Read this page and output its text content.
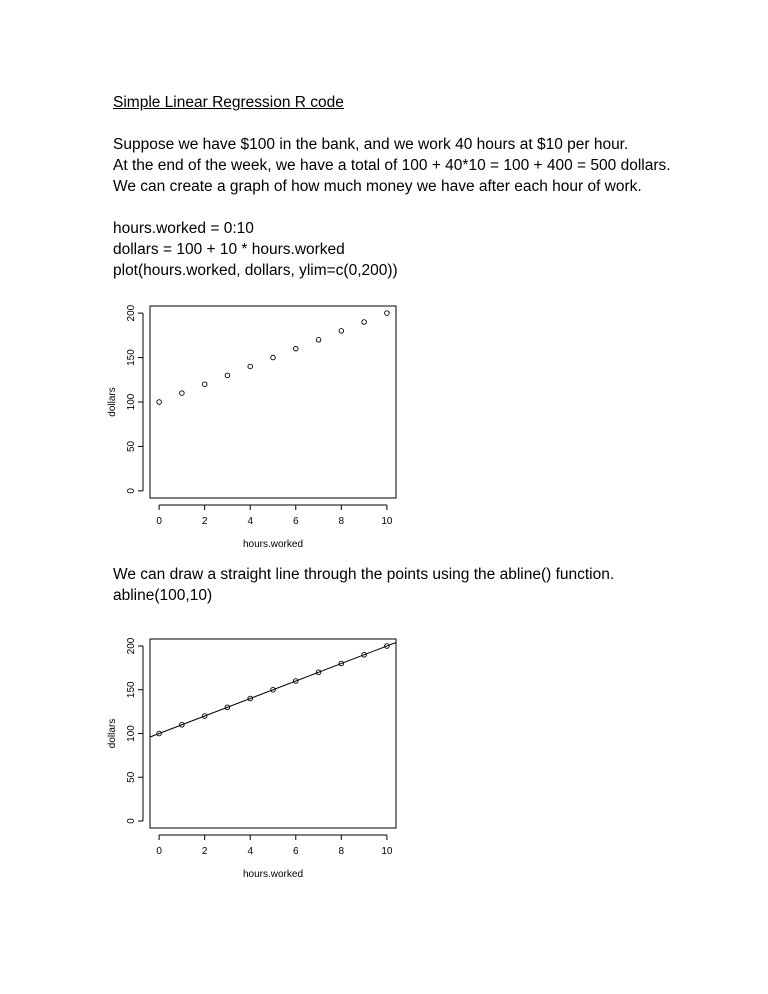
Simple Linear Regression R code

Suppose we have $100 in the bank, and we work 40 hours at $10 per hour.

At the end of the week, we have a total of 100 + 40*10 = 100 + 400 = 500 dollars.

We can create a graph of how much money we have after each hour of work.

hours.worked = 0:10

dollars = 100 + 10 * hours.worked

plot(hours.worked, dollars, ylim=c(0,200))

0	2	4	6	8	10
hours.worked
0
50
100
150
200
dollars

We can draw a straight line through the points using the abline() function.

abline(100,10)

0	2	4	6	8	10
hours.worked
0
50
100
150
200
dollars
